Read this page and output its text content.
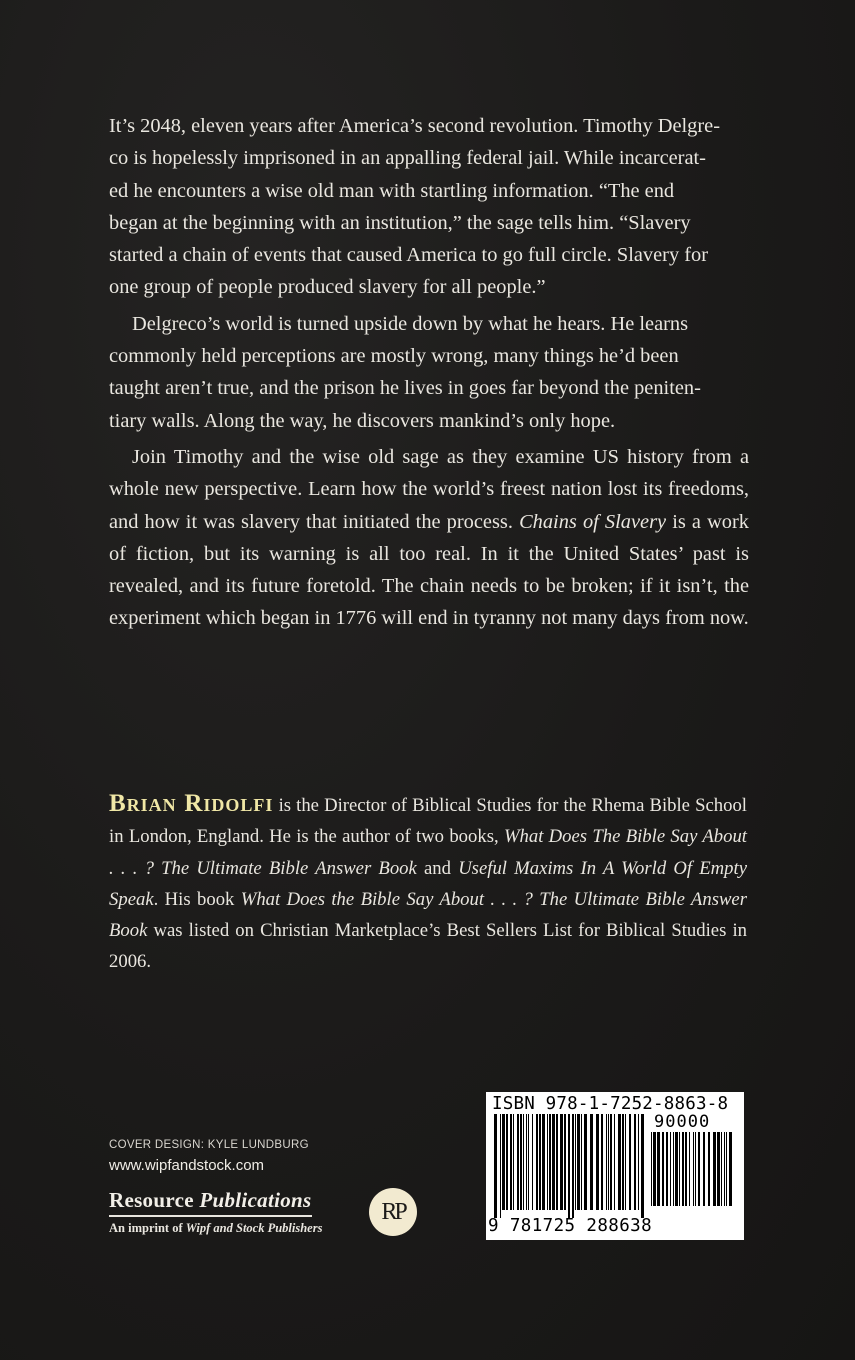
It’s 2048, eleven years after America’s second revolution. Timothy Delgre-
co is hopelessly imprisoned in an appalling federal jail. While incarcerat-
ed he encounters a wise old man with startling information. “The end
began at the beginning with an institution,” the sage tells him. “Slavery
started a chain of events that caused America to go full circle. Slavery for
one group of people produced slavery for all people.”

Delgreco’s world is turned upside down by what he hears. He learns
commonly held perceptions are mostly wrong, many things he’d been
taught aren’t true, and the prison he lives in goes far beyond the peniten-
tiary walls. Along the way, he discovers mankind’s only hope.

Join Timothy and the wise old sage as they examine US history from a whole new perspective. Learn how the world’s freest nation lost its freedoms, and how it was slavery that initiated the process. Chains of Slavery is a work of fiction, but its warning is all too real. In it the United States’ past is revealed, and its future foretold. The chain needs to be broken; if it isn’t, the experiment which began in 1776 will end in tyranny not many days from now.

Brian Ridolfi is the Director of Biblical Studies for the Rhema Bible School in London, England. He is the author of two books, What Does The Bible Say About . . . ? The Ultimate Bible Answer Book and Useful Maxims In A World Of Empty Speak. His book What Does the Bible Say About . . . ? The Ultimate Bible Answer Book was listed on Christian Marketplace’s Best Sellers List for Biblical Studies in 2006.
COVER DESIGN: KYLE LUNDBURG
www.wipfandstock.com
Resource Publications
An imprint of Wipf and Stock Publishers
RP
ISBN 978-1-7252-8863-8
90000
9 781725 288638
